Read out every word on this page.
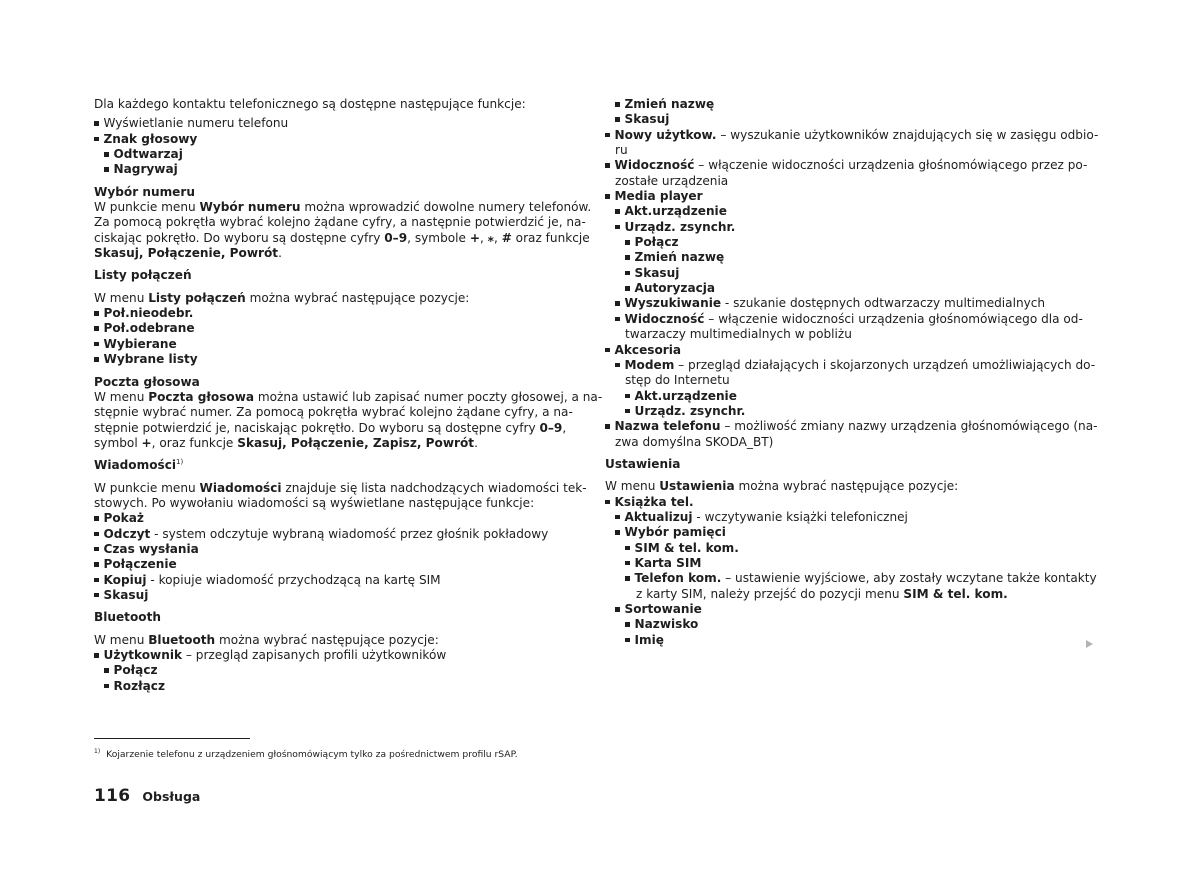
Dla każdego kontaktu telefonicznego są dostępne następujące funkcje:
Wyświetlanie numeru telefonu
Znak głosowy
Odtwarzaj
Nagrywaj
Wybór numeru
W punkcie menu Wybór numeru można wprowadzić dowolne numery telefonów.
Za pomocą pokrętła wybrać kolejno żądane cyfry, a następnie potwierdzić je, na-
ciskając pokrętło. Do wyboru są dostępne cyfry 0–9, symbole +, ⁎, # oraz funkcje
Skasuj, Połączenie, Powrót.
Listy połączeń
W menu Listy połączeń można wybrać następujące pozycje:
Poł.nieodebr.
Poł.odebrane
Wybierane
Wybrane listy
Poczta głosowa
W menu Poczta głosowa można ustawić lub zapisać numer poczty głosowej, a na-
stępnie wybrać numer. Za pomocą pokrętła wybrać kolejno żądane cyfry, a na-
stępnie potwierdzić je, naciskając pokrętło. Do wyboru są dostępne cyfry 0–9,
symbol +, oraz funkcje Skasuj, Połączenie, Zapisz, Powrót.
Wiadomości$^{1)}$
W punkcie menu Wiadomości znajduje się lista nadchodzących wiadomości tek-
stowych. Po wywołaniu wiadomości są wyświetlane następujące funkcje:
Pokaż
Odczyt - system odczytuje wybraną wiadomość przez głośnik pokładowy
Czas wysłania
Połączenie
Kopiuj - kopiuje wiadomość przychodzącą na kartę SIM
Skasuj
Bluetooth
W menu Bluetooth można wybrać następujące pozycje:
Użytkownik – przegląd zapisanych profili użytkowników
Połącz
Rozłącz
Zmień nazwę
Skasuj
Nowy użytkow. – wyszukanie użytkowników znajdujących się w zasięgu odbio-
ru
Widoczność – włączenie widoczności urządzenia głośnomówiącego przez po-
zostałe urządzenia
Media player
Akt.urządzenie
Urządz. zsynchr.
Połącz
Zmień nazwę
Skasuj
Autoryzacja
Wyszukiwanie - szukanie dostępnych odtwarzaczy multimedialnych
Widoczność – włączenie widoczności urządzenia głośnomówiącego dla od-
twarzaczy multimedialnych w pobliżu
Akcesoria
Modem – przegląd działających i skojarzonych urządzeń umożliwiających do-
stęp do Internetu
Akt.urządzenie
Urządz. zsynchr.
Nazwa telefonu – możliwość zmiany nazwy urządzenia głośnomówiącego (na-
zwa domyślna SKODA_BT)
Ustawienia
W menu Ustawienia można wybrać następujące pozycje:
Książka tel.
Aktualizuj - wczytywanie książki telefonicznej
Wybór pamięci
SIM & tel. kom.
Karta SIM
Telefon kom. – ustawienie wyjściowe, aby zostały wczytane także kontakty
z karty SIM, należy przejść do pozycji menu SIM & tel. kom.
Sortowanie
Nazwisko
Imię
$^{1)}$ Kojarzenie telefonu z urządzeniem głośnomówiącym tylko za pośrednictwem profilu rSAP.
116 Obsługa
